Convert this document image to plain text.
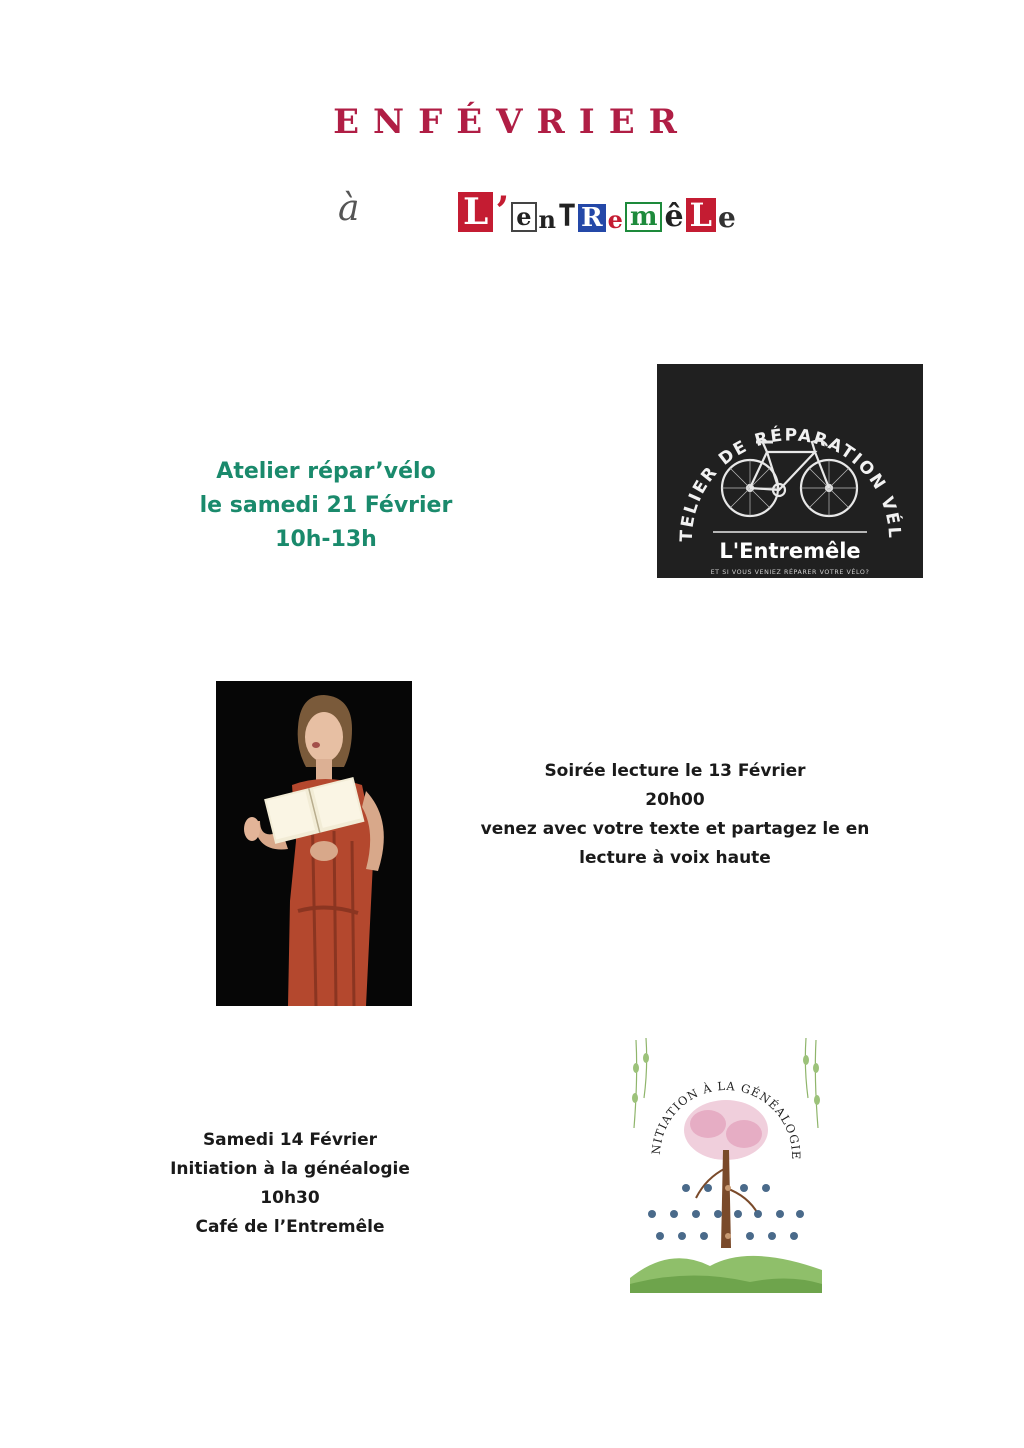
ENFÉVRIER
à	L ’ e n T R e m ê L e
Atelier répar’vélo
le samedi 21 Février
10h-13h	TELIER DE RÉPARATION VÉL
L'Entremêle
ET SI VOUS VENIEZ RÉPARER VOTRE VÉLO?
Soirée lecture le 13 Février
20h00
venez avec votre texte et partagez le en
lecture à voix haute
Samedi 14 Février
Initiation à la généalogie
10h30
Café de l’Entremêle
NITIATION À LA GÉNÉALOGIE
